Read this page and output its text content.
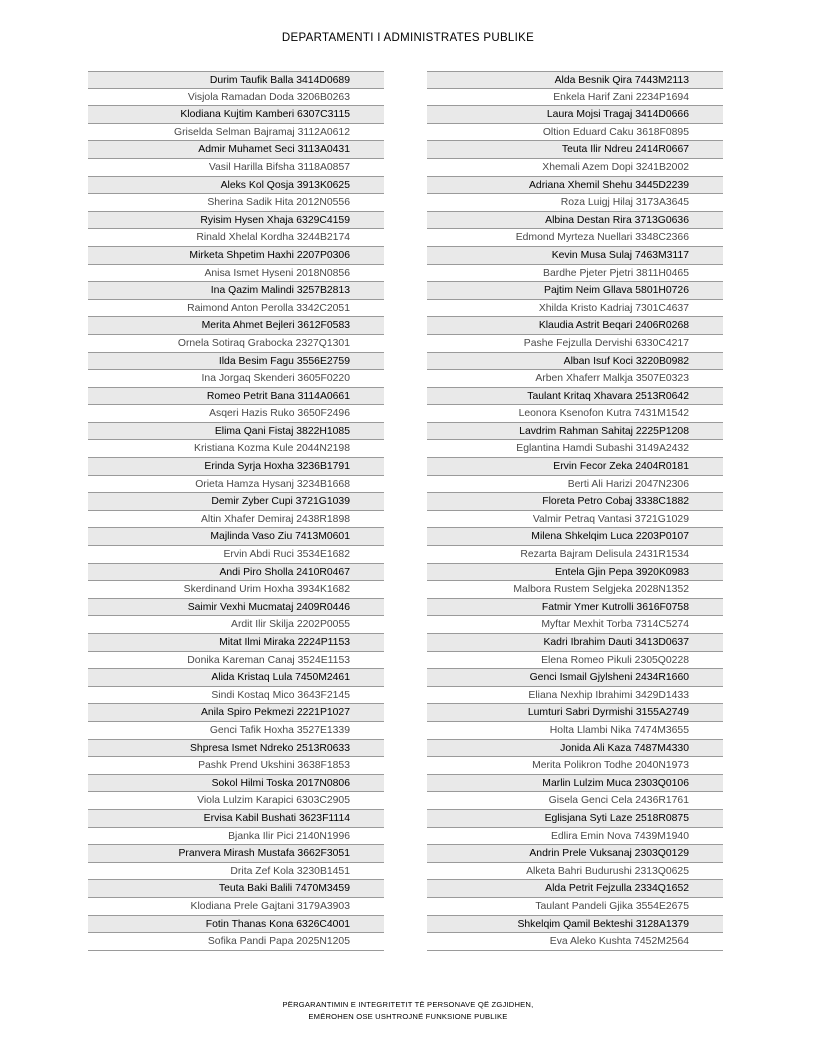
DEPARTAMENTI I ADMINISTRATES PUBLIKE
Durim Taufik Balla 3414D0689
Visjola Ramadan Doda 3206B0263
Klodiana Kujtim Kamberi 6307C3115
Griselda Selman Bajramaj 3112A0612
Admir Muhamet Seci 3113A0431
Vasil Harilla Bifsha 3118A0857
Aleks Kol Qosja 3913K0625
Sherina Sadik Hita 2012N0556
Ryisim Hysen Xhaja 6329C4159
Rinald Xhelal Kordha 3244B2174
Mirketa Shpetim Haxhi 2207P0306
Anisa Ismet Hyseni 2018N0856
Ina Qazim Malindi 3257B2813
Raimond Anton Perolla 3342C2051
Merita Ahmet Bejleri 3612F0583
Ornela Sotiraq Grabocka 2327Q1301
Ilda Besim Fagu 3556E2759
Ina Jorgaq Skenderi 3605F0220
Romeo Petrit Bana 3114A0661
Asqeri Hazis Ruko 3650F2496
Elima Qani Fistaj 3822H1085
Kristiana Kozma Kule 2044N2198
Erinda Syrja Hoxha 3236B1791
Orieta Hamza Hysanj 3234B1668
Demir Zyber Cupi 3721G1039
Altin Xhafer Demiraj 2438R1898
Majlinda Vaso Ziu 7413M0601
Ervin Abdi Ruci 3534E1682
Andi Piro Sholla 2410R0467
Skerdinand Urim Hoxha 3934K1682
Saimir Vexhi Mucmataj 2409R0446
Ardit Ilir Skilja 2202P0055
Mitat Ilmi Miraka 2224P1153
Donika Kareman Canaj 3524E1153
Alida Kristaq Lula 7450M2461
Sindi Kostaq Mico 3643F2145
Anila Spiro Pekmezi 2221P1027
Genci Tafik Hoxha 3527E1339
Shpresa Ismet Ndreko 2513R0633
Pashk Prend Ukshini 3638F1853
Sokol Hilmi Toska 2017N0806
Viola Lulzim Karapici 6303C2905
Ervisa Kabil Bushati 3623F1114
Bjanka Ilir Pici 2140N1996
Pranvera Mirash Mustafa 3662F3051
Drita Zef Kola 3230B1451
Teuta Baki Balili 7470M3459
Klodiana Prele Gajtani 3179A3903
Fotin Thanas Kona 6326C4001
Sofika Pandi Papa 2025N1205
Alda Besnik Qira 7443M2113
Enkela Harif Zani 2234P1694
Laura Mojsi Tragaj 3414D0666
Oltion Eduard Caku 3618F0895
Teuta Ilir Ndreu 2414R0667
Xhemali Azem Dopi 3241B2002
Adriana Xhemil Shehu 3445D2239
Roza Luigj Hilaj 3173A3645
Albina Destan Rira 3713G0636
Edmond Myrteza Nuellari 3348C2366
Kevin Musa Sulaj 7463M3117
Bardhe Pjeter Pjetri 3811H0465
Pajtim Neim Gllava 5801H0726
Xhilda Kristo Kadriaj 7301C4637
Klaudia Astrit Beqari 2406R0268
Pashe Fejzulla Dervishi 6330C4217
Alban Isuf Koci 3220B0982
Arben Xhaferr Malkja 3507E0323
Taulant Kritaq Xhavara 2513R0642
Leonora Ksenofon Kutra 7431M1542
Lavdrim Rahman Sahitaj 2225P1208
Eglantina Hamdi Subashi 3149A2432
Ervin Fecor Zeka 2404R0181
Berti Ali Harizi 2047N2306
Floreta Petro Cobaj 3338C1882
Valmir Petraq Vantasi 3721G1029
Milena Shkelqim Luca 2203P0107
Rezarta Bajram Delisula 2431R1534
Entela Gjin Pepa 3920K0983
Malbora Rustem Selgjeka 2028N1352
Fatmir Ymer Kutrolli 3616F0758
Myftar Mexhit Torba 7314C5274
Kadri Ibrahim Dauti 3413D0637
Elena Romeo Pikuli 2305Q0228
Genci Ismail Gjylsheni 2434R1660
Eliana Nexhip Ibrahimi 3429D1433
Lumturi Sabri Dyrmishi 3155A2749
Holta Llambi Nika 7474M3655
Jonida Ali Kaza 7487M4330
Merita Polikron Todhe 2040N1973
Marlin Lulzim Muca 2303Q0106
Gisela Genci Cela 2436R1761
Eglisjana Syti Laze 2518R0875
Edlira Emin Nova 7439M1940
Andrin Prele Vuksanaj 2303Q0129
Alketa Bahri Budurushi 2313Q0625
Alda Petrit Fejzulla 2334Q1652
Taulant Pandeli Gjika 3554E2675
Shkelqim Qamil Bekteshi 3128A1379
Eva Aleko Kushta 7452M2564
PËRGARANTIMIN E INTEGRITETIT TË PERSONAVE QË ZGJIDHEN,
EMËROHEN OSE USHTROJNË FUNKSIONE PUBLIKE
